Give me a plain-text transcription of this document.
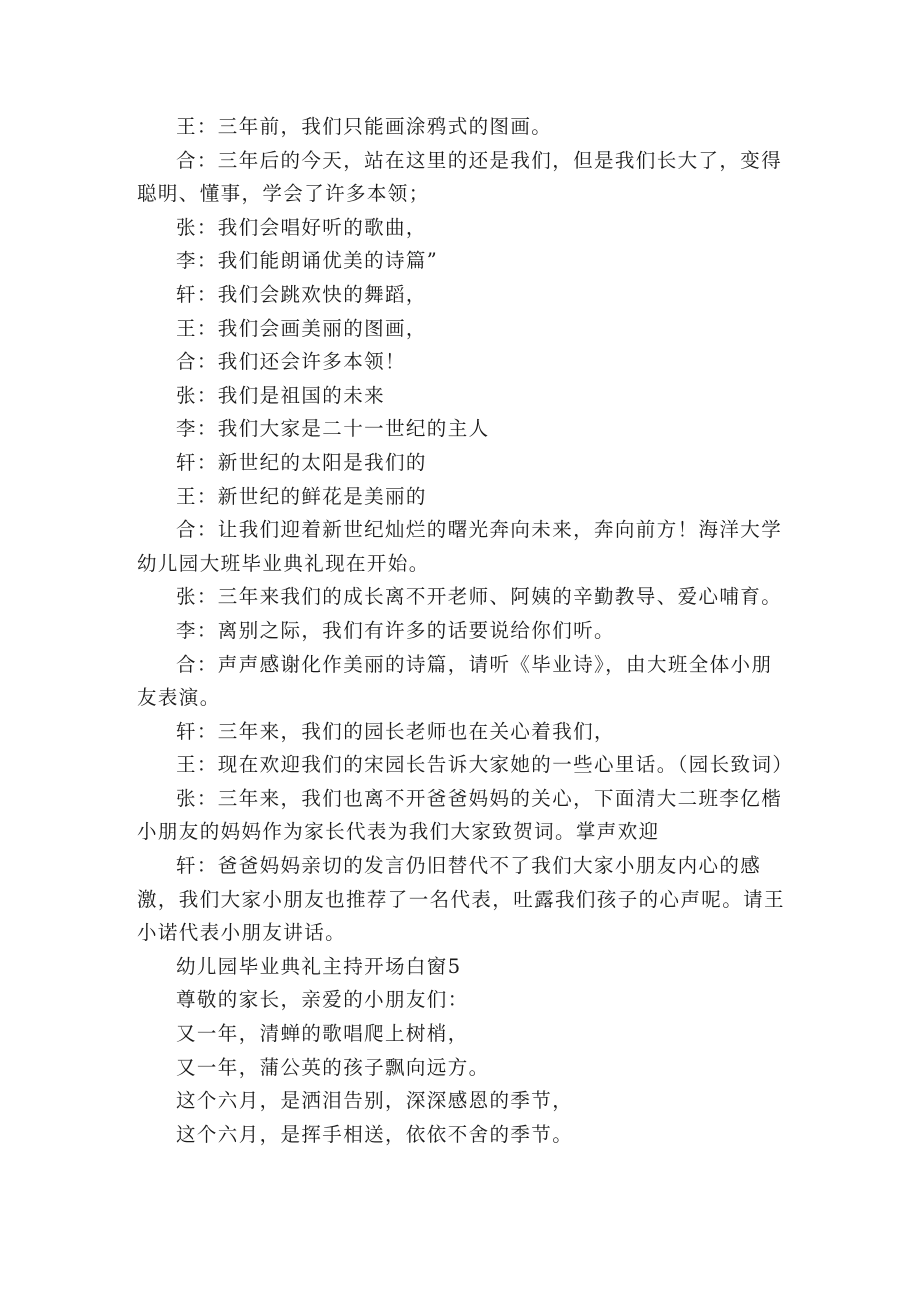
王：三年前，我们只能画涂鸦式的图画。

合：三年后的今天，站在这里的还是我们，但是我们长大了，变得聪明、懂事，学会了许多本领；

张：我们会唱好听的歌曲，

李：我们能朗诵优美的诗篇”

轩：我们会跳欢快的舞蹈，

王：我们会画美丽的图画，

合：我们还会许多本领！

张：我们是祖国的未来

李：我们大家是二十一世纪的主人

轩：新世纪的太阳是我们的

王：新世纪的鲜花是美丽的

合：让我们迎着新世纪灿烂的曙光奔向未来，奔向前方！海洋大学幼儿园大班毕业典礼现在开始。

张：三年来我们的成长离不开老师、阿姨的辛勤教导、爱心哺育。

李：离别之际，我们有许多的话要说给你们听。

合：声声感谢化作美丽的诗篇，请听《毕业诗》，由大班全体小朋友表演。

轩：三年来，我们的园长老师也在关心着我们，

王：现在欢迎我们的宋园长告诉大家她的一些心里话。（园长致词）

张：三年来，我们也离不开爸爸妈妈的关心，下面清大二班李亿楷小朋友的妈妈作为家长代表为我们大家致贺词。掌声欢迎

轩：爸爸妈妈亲切的发言仍旧替代不了我们大家小朋友内心的感激，我们大家小朋友也推荐了一名代表，吐露我们孩子的心声呢。请王小诺代表小朋友讲话。

幼儿园毕业典礼主持开场白窗5

尊敬的家长，亲爱的小朋友们：

又一年，清蝉的歌唱爬上树梢，

又一年，蒲公英的孩子飘向远方。

这个六月，是洒泪告别，深深感恩的季节，

这个六月，是挥手相送，依依不舍的季节。
